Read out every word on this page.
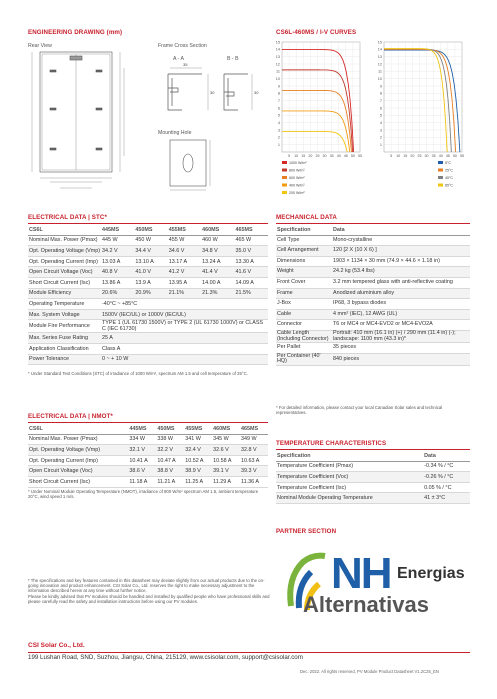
ENGINEERING DRAWING (mm)
Rear View	Frame Cross Section
A - A	B - B
Mounting Hole
35
30	30
CS6L-460MS / I-V CURVES
1
2
3
4
5
6
7
8
9
10
11
12
13
14
15
5 10 15 20 25 30 35 40 45 50 55
1000 W/m²
800 W/m²
600 W/m²
400 W/m²
200 W/m²
1
2
3
4
5
6
7
8
9
10
11
12
13
14
15
5 10 15 20 25 30 35 40 45 50 55
5°C
25°C
45°C
65°C
ELECTRICAL DATA | STC*
CS6L	445MS	450MS	455MS	460MS	465MS
Nominal Max. Power (Pmax)	445 W	450 W	455 W	460 W	465 W
Opt. Operating Voltage (Vmp)	34.2 V	34.4 V	34.6 V	34.8 V	35.0 V
Opt. Operating Current (Imp)	13.03 A	13.10 A	13.17 A	13.24 A	13.30 A
Open Circuit Voltage (Voc)	40.8 V	41.0 V	41.2 V	41.4 V	41.6 V
Short Circuit Current (Isc)	13.86 A	13.9 A	13.95 A	14.00 A	14.09 A
Module Efficiency	20.6%	20.9%	21.1%	21.3%	21.5%
Operating Temperature	-40°C ~ +85°C				
Max. System Voltage	1500V (IEC/UL) or 1000V (IEC/UL)				
Module Fire Performance	TYPE 1 (UL 61730 1500V) or TYPE 2 (UL 61730 1000V) or CLASS C (IEC 61730)				
Max. Series Fuse Rating	25 A				
Application Classification	Class A				
Power Tolerance	0 ~ + 10 W				
* Under Standard Test Conditions (STC) of irradiance of 1000 W/m², spectrum AM 1.5 and cell temperature of 25°C.
ELECTRICAL DATA | NMOT*
CS6L	445MS	450MS	455MS	460MS	465MS
Nominal Max. Power (Pmax)	334 W	338 W	341 W	345 W	349 W
Opt. Operating Voltage (Vmp)	32.1 V	32.2 V	32.4 V	32.6 V	32.8 V
Opt. Operating Current (Imp)	10.41 A	10.47 A	10.52 A	10.58 A	10.63 A
Open Circuit Voltage (Voc)	38.6 V	38.8 V	38.9 V	39.1 V	39.3 V
Short Circuit Current (Isc)	11.18 A	11.21 A	11.25 A	11.29 A	11.36 A
* Under Nominal Module Operating Temperature (NMOT), irradiance of 800 W/m² spectrum AM 1.5, ambient temperature 20°C, wind speed 1 m/s.
MECHANICAL DATA
Specification	Data
Cell Type	Mono-crystalline
Cell Arrangement	120 [2 X (10 X 6) ]
Dimensions	1903 × 1134 × 30 mm (74.9 × 44.6 × 1.18 in)
Weight	24.2 kg (53.4 lbs)
Front Cover	3.2 mm tempered glass with anti-reflective coating
Frame	Anodized aluminium alloy
J-Box	IP68, 3 bypass diodes
Cable	4 mm² (IEC), 12 AWG (UL)
Connector	T6 or MC4 or MC4-EVO2 or MC4-EVO2A
Cable Length (Including Connector)	Portrait: 410 mm (16.1 in) (+) / 290 mm (11.4 in) (-); landscape: 1100 mm (43.3 in)*
Per Pallet	35 pieces
Per Container (40' HQ)	840 pieces
* For detailed information, please contact your local Canadian Solar sales and technical representatives.
TEMPERATURE CHARACTERISTICS
Specification	Data
Temperature Coefficient (Pmax)	-0.34 % / °C
Temperature Coefficient (Voc)	-0.26 % / °C
Temperature Coefficient (Isc)	0.05 % / °C
Nominal Module Operating Temperature	41 ± 3°C
PARTNER SECTION
NH Energias
Alternativas
* The specifications and key features contained in this datasheet may deviate slightly from our actual products due to the on-going innovation and product enhancement. CSI Solar Co., Ltd. reserves the right to make necessary adjustment to the information described herein at any time without further notice.
Please be kindly advised that PV modules should be handled and installed by qualified people who have professional skills and please carefully read the safety and installation instructions before using our PV modules.
CSI Solar Co., Ltd.
199 Lushan Road, SND, Suzhou, Jiangsu, China, 215129, www.csisolar.com, support@csisolar.com
Dec. 2022. All rights reserved, PV Module Product Datasheet V1.2C25_EN
